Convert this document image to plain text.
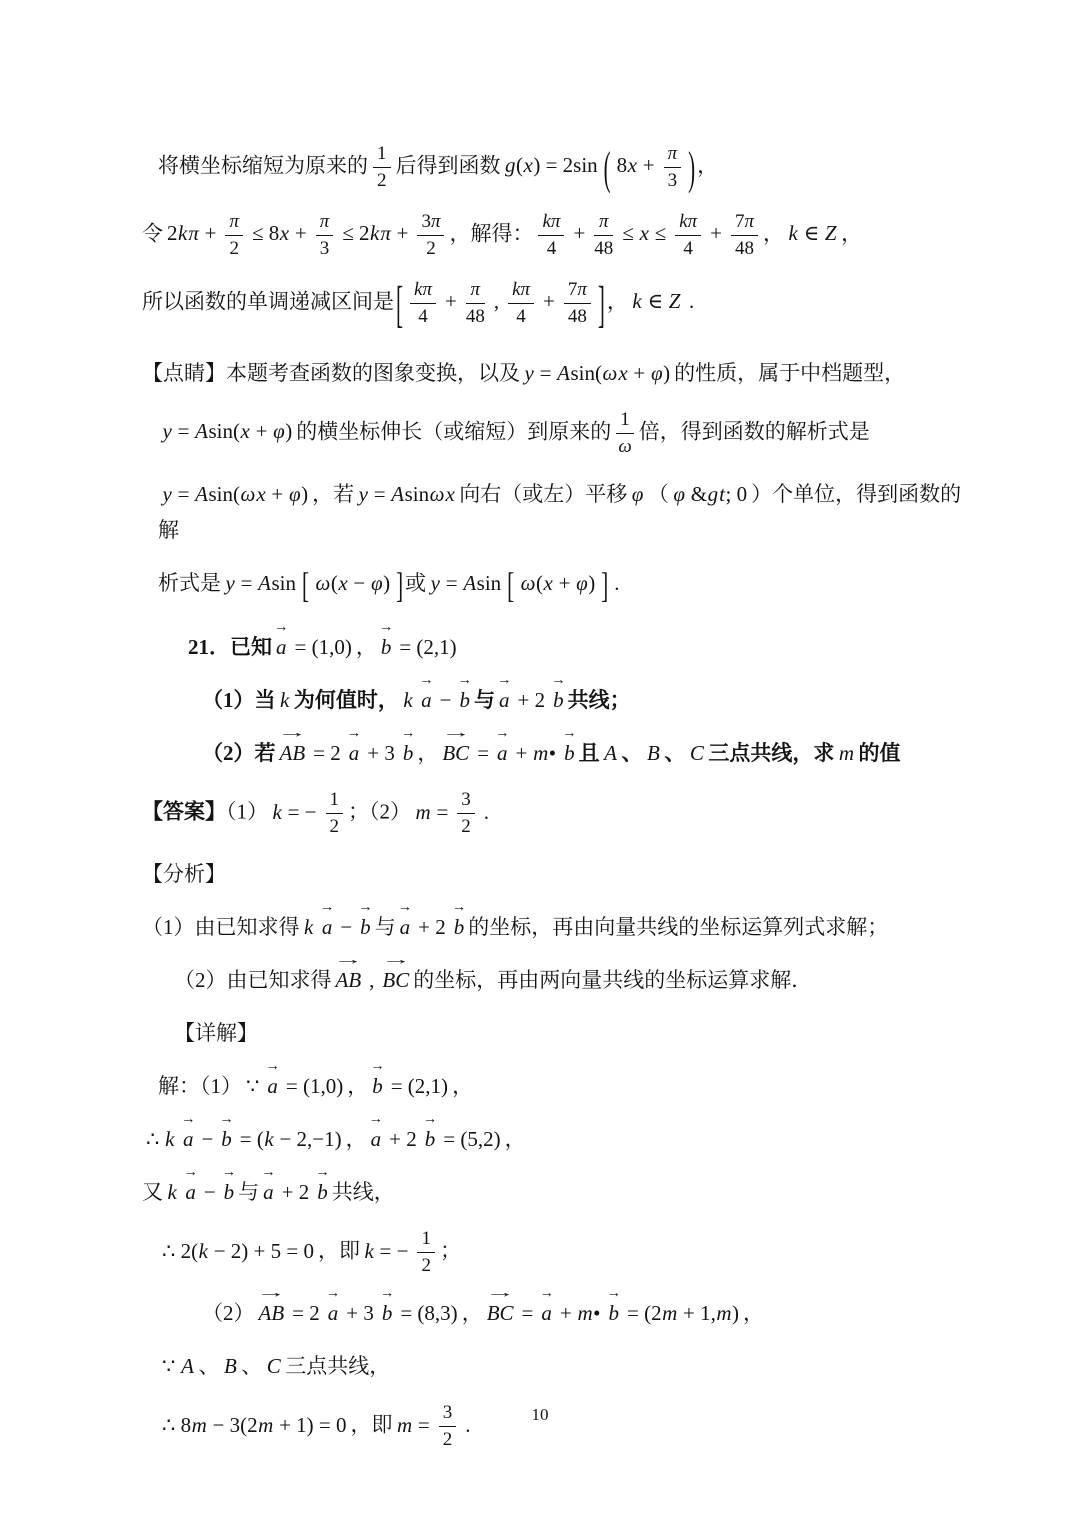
将横坐标缩短为原来的 $\frac{1}{2}$ 后得到函数 g(x) = 2sin ( $8x + \frac{\pi}{3}$ )，
令 $2k\pi + \frac{\pi}{2} \le 8x + \frac{\pi}{3} \le 2k\pi + \frac{3\pi}{2}$ ，解得： $\frac{k\pi}{4} + \frac{\pi}{48} \le x \le \frac{k\pi}{4} + \frac{7\pi}{48}$ ， k ∈ Z ，
所以函数的单调递减区间是[ $\frac{k\pi}{4} + \frac{\pi}{48}$ , $\frac{k\pi}{4} + \frac{7\pi}{48}$ ]， k ∈ Z .
【点睛】本题考查函数的图象变换，以及 y = Asin(ωx + φ) 的性质，属于中档题型，
y = Asin(x + φ) 的横坐标伸长（或缩短）到原来的 $\frac{1}{\omega}$ 倍，得到函数的解析式是
y = Asin(ωx + φ) ，若 y = Asinωx 向右（或左）平移 φ （ φ &gt; 0 ）个单位，得到函数的解
析式是 y = Asin [ ω(x − φ) ]或 y = Asin [ ω(x + φ) ] .
21．已知
→
a = (1,0) ，
→
b = (2,1)
（1）当 k 为何值时， k
→
a −
→
b 与
→
a + 2
→
b 共线；
（2）若
→
AB = 2
→
a + 3
→
b ，
→
BC =
→
a + m•
→
b 且 A 、 B 、 C 三点共线，求 m 的值
【答案】（1） k = − $\frac{1}{2}$ ；（2） $m = \frac{3}{2}$ .
【分析】
（1）由已知求得 k
→
a −
→
b 与
→
a + 2
→
b 的坐标，再由向量共线的坐标运算列式求解；
（2）由已知求得
→
AB ,
→
BC 的坐标，再由两向量共线的坐标运算求解．
【详解】
解：（1） ∵
→
a = (1,0) ，
→
b = (2,1) ，
∴ k
→
a −
→
b = (k − 2,−1) ，
→
a + 2
→
b = (5,2) ，
又 k
→
a −
→
b 与
→
a + 2
→
b 共线，
∴ 2(k − 2) + 5 = 0 ，即 k = − $\frac{1}{2}$ ；
（2）
→
AB = 2
→
a + 3
→
b = (8,3) ，
→
BC =
→
a + m•
→
b = (2m + 1,m) ，
∵ A 、 B 、 C 三点共线，
∴ 8m − 3(2m + 1) = 0 ，即 $m = \frac{3}{2}$ .	10
